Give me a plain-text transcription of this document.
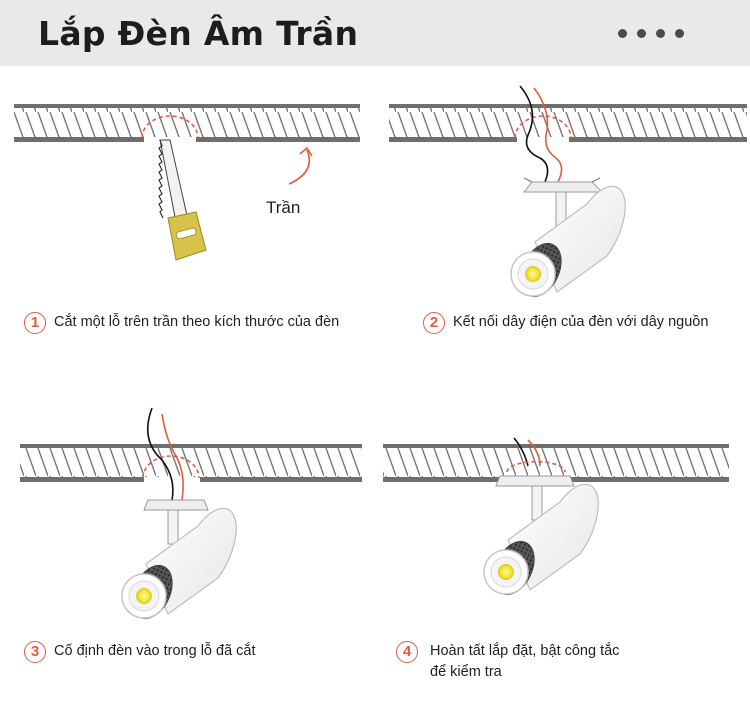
Lắp Đèn Âm Trần
Trần
1	Cắt một lỗ trên trần theo kích thước của đèn	2	Kết nối dây điện của đèn với dây nguồn
3	Cố định đèn vào trong lỗ đã cắt	4	Hoàn tất lắp đặt, bật công tắc
để kiểm tra
